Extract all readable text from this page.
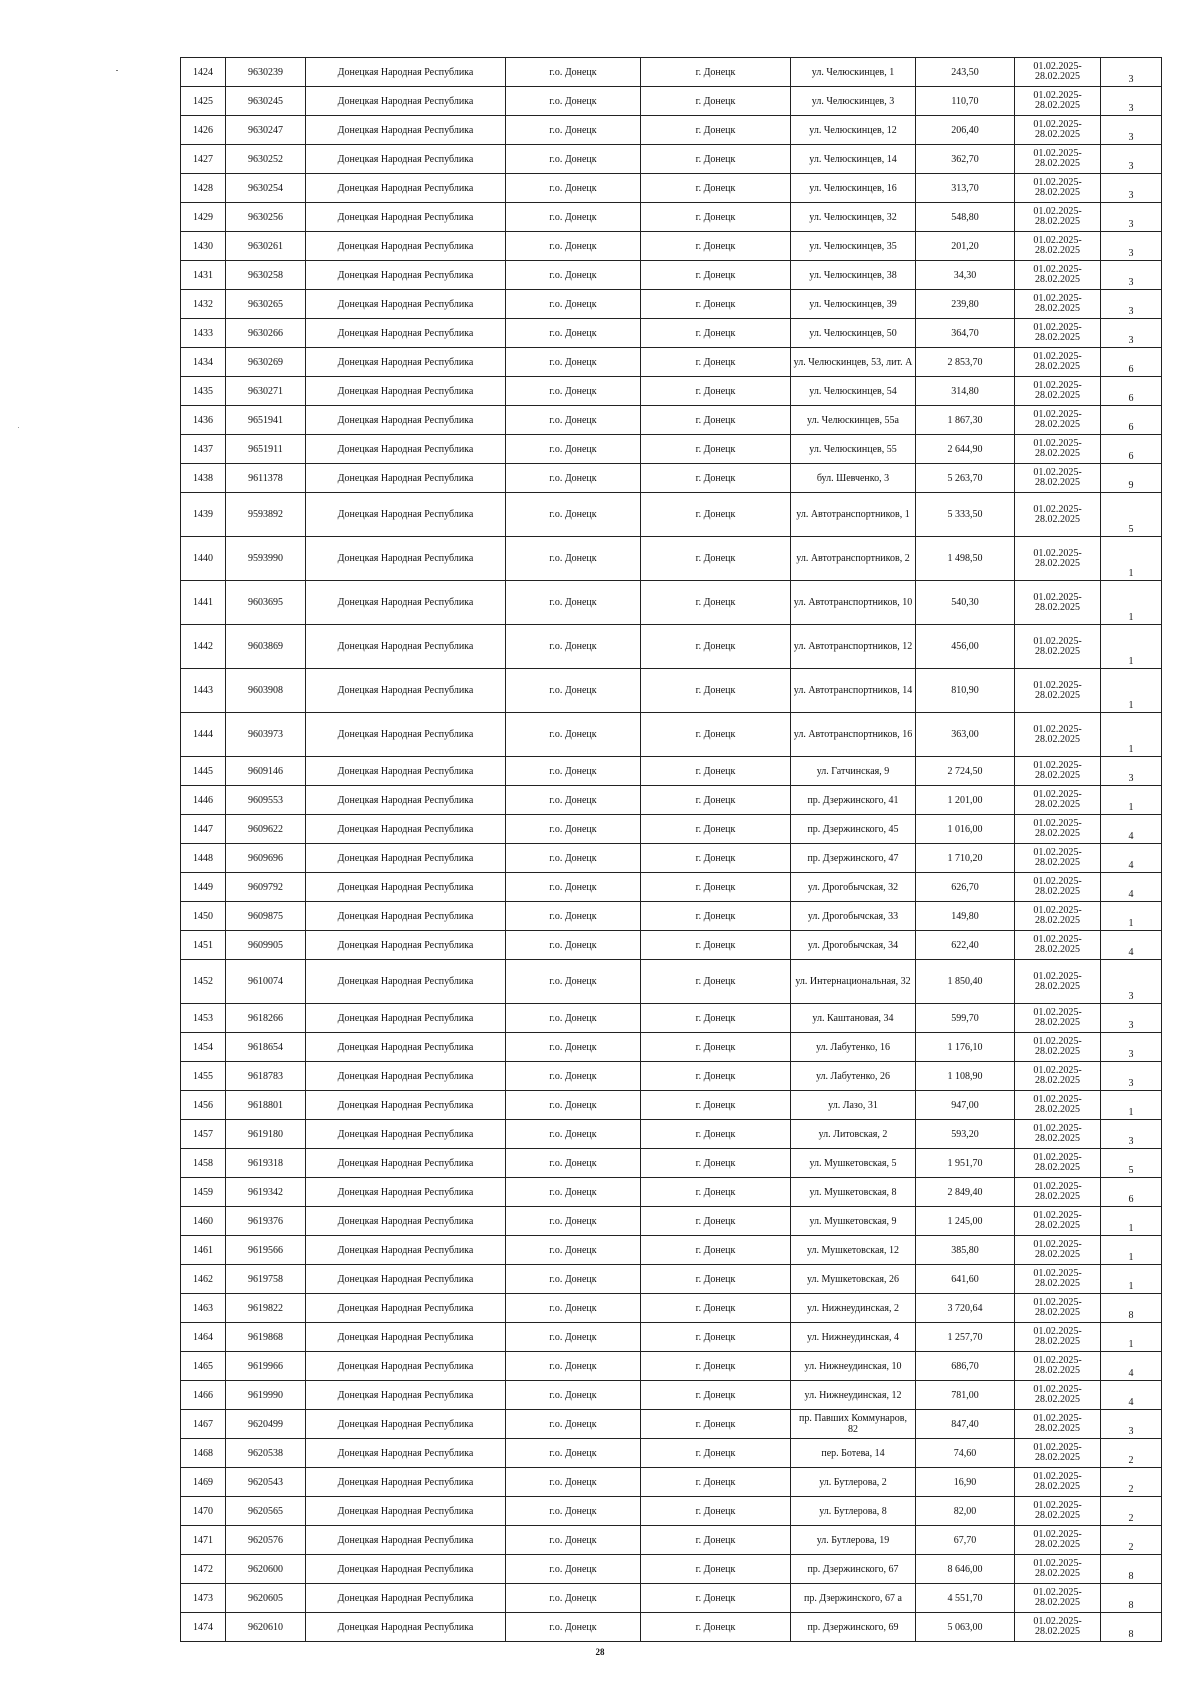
1424	9630239	Донецкая Народная Республика	г.о. Донецк	г. Донецк	ул. Челюскинцев, 1	243,50	01.02.2025-
28.02.2025	3
1425	9630245	Донецкая Народная Республика	г.о. Донецк	г. Донецк	ул. Челюскинцев, 3	110,70	01.02.2025-
28.02.2025	3
1426	9630247	Донецкая Народная Республика	г.о. Донецк	г. Донецк	ул. Челюскинцев, 12	206,40	01.02.2025-
28.02.2025	3
1427	9630252	Донецкая Народная Республика	г.о. Донецк	г. Донецк	ул. Челюскинцев, 14	362,70	01.02.2025-
28.02.2025	3
1428	9630254	Донецкая Народная Республика	г.о. Донецк	г. Донецк	ул. Челюскинцев, 16	313,70	01.02.2025-
28.02.2025	3
1429	9630256	Донецкая Народная Республика	г.о. Донецк	г. Донецк	ул. Челюскинцев, 32	548,80	01.02.2025-
28.02.2025	3
1430	9630261	Донецкая Народная Республика	г.о. Донецк	г. Донецк	ул. Челюскинцев, 35	201,20	01.02.2025-
28.02.2025	3
1431	9630258	Донецкая Народная Республика	г.о. Донецк	г. Донецк	ул. Челюскинцев, 38	34,30	01.02.2025-
28.02.2025	3
1432	9630265	Донецкая Народная Республика	г.о. Донецк	г. Донецк	ул. Челюскинцев, 39	239,80	01.02.2025-
28.02.2025	3
1433	9630266	Донецкая Народная Республика	г.о. Донецк	г. Донецк	ул. Челюскинцев, 50	364,70	01.02.2025-
28.02.2025	3
1434	9630269	Донецкая Народная Республика	г.о. Донецк	г. Донецк	ул. Челюскинцев, 53, лит. А	2 853,70	01.02.2025-
28.02.2025	6
1435	9630271	Донецкая Народная Республика	г.о. Донецк	г. Донецк	ул. Челюскинцев, 54	314,80	01.02.2025-
28.02.2025	6
1436	9651941	Донецкая Народная Республика	г.о. Донецк	г. Донецк	ул. Челюскинцев, 55а	1 867,30	01.02.2025-
28.02.2025	6
1437	9651911	Донецкая Народная Республика	г.о. Донецк	г. Донецк	ул. Челюскинцев, 55	2 644,90	01.02.2025-
28.02.2025	6
1438	9611378	Донецкая Народная Республика	г.о. Донецк	г. Донецк	бул. Шевченко, 3	5 263,70	01.02.2025-
28.02.2025	9
1439	9593892	Донецкая Народная Республика	г.о. Донецк	г. Донецк	ул. Автотранспортников, 1	5 333,50	01.02.2025-
28.02.2025	5
1440	9593990	Донецкая Народная Республика	г.о. Донецк	г. Донецк	ул. Автотранспортников, 2	1 498,50	01.02.2025-
28.02.2025	1
1441	9603695	Донецкая Народная Республика	г.о. Донецк	г. Донецк	ул. Автотранспортников, 10	540,30	01.02.2025-
28.02.2025	1
1442	9603869	Донецкая Народная Республика	г.о. Донецк	г. Донецк	ул. Автотранспортников, 12	456,00	01.02.2025-
28.02.2025	1
1443	9603908	Донецкая Народная Республика	г.о. Донецк	г. Донецк	ул. Автотранспортников, 14	810,90	01.02.2025-
28.02.2025	1
1444	9603973	Донецкая Народная Республика	г.о. Донецк	г. Донецк	ул. Автотранспортников, 16	363,00	01.02.2025-
28.02.2025	1
1445	9609146	Донецкая Народная Республика	г.о. Донецк	г. Донецк	ул. Гатчинская, 9	2 724,50	01.02.2025-
28.02.2025	3
1446	9609553	Донецкая Народная Республика	г.о. Донецк	г. Донецк	пр. Дзержинского, 41	1 201,00	01.02.2025-
28.02.2025	1
1447	9609622	Донецкая Народная Республика	г.о. Донецк	г. Донецк	пр. Дзержинского, 45	1 016,00	01.02.2025-
28.02.2025	4
1448	9609696	Донецкая Народная Республика	г.о. Донецк	г. Донецк	пр. Дзержинского, 47	1 710,20	01.02.2025-
28.02.2025	4
1449	9609792	Донецкая Народная Республика	г.о. Донецк	г. Донецк	ул. Дрогобычская, 32	626,70	01.02.2025-
28.02.2025	4
1450	9609875	Донецкая Народная Республика	г.о. Донецк	г. Донецк	ул. Дрогобычская, 33	149,80	01.02.2025-
28.02.2025	1
1451	9609905	Донецкая Народная Республика	г.о. Донецк	г. Донецк	ул. Дрогобычская, 34	622,40	01.02.2025-
28.02.2025	4
1452	9610074	Донецкая Народная Республика	г.о. Донецк	г. Донецк	ул. Интернациональная, 32	1 850,40	01.02.2025-
28.02.2025	3
1453	9618266	Донецкая Народная Республика	г.о. Донецк	г. Донецк	ул. Каштановая, 34	599,70	01.02.2025-
28.02.2025	3
1454	9618654	Донецкая Народная Республика	г.о. Донецк	г. Донецк	ул. Лабутенко, 16	1 176,10	01.02.2025-
28.02.2025	3
1455	9618783	Донецкая Народная Республика	г.о. Донецк	г. Донецк	ул. Лабутенко, 26	1 108,90	01.02.2025-
28.02.2025	3
1456	9618801	Донецкая Народная Республика	г.о. Донецк	г. Донецк	ул. Лазо, 31	947,00	01.02.2025-
28.02.2025	1
1457	9619180	Донецкая Народная Республика	г.о. Донецк	г. Донецк	ул. Литовская, 2	593,20	01.02.2025-
28.02.2025	3
1458	9619318	Донецкая Народная Республика	г.о. Донецк	г. Донецк	ул. Мушкетовская, 5	1 951,70	01.02.2025-
28.02.2025	5
1459	9619342	Донецкая Народная Республика	г.о. Донецк	г. Донецк	ул. Мушкетовская, 8	2 849,40	01.02.2025-
28.02.2025	6
1460	9619376	Донецкая Народная Республика	г.о. Донецк	г. Донецк	ул. Мушкетовская, 9	1 245,00	01.02.2025-
28.02.2025	1
1461	9619566	Донецкая Народная Республика	г.о. Донецк	г. Донецк	ул. Мушкетовская, 12	385,80	01.02.2025-
28.02.2025	1
1462	9619758	Донецкая Народная Республика	г.о. Донецк	г. Донецк	ул. Мушкетовская, 26	641,60	01.02.2025-
28.02.2025	1
1463	9619822	Донецкая Народная Республика	г.о. Донецк	г. Донецк	ул. Нижнеудинская, 2	3 720,64	01.02.2025-
28.02.2025	8
1464	9619868	Донецкая Народная Республика	г.о. Донецк	г. Донецк	ул. Нижнеудинская, 4	1 257,70	01.02.2025-
28.02.2025	1
1465	9619966	Донецкая Народная Республика	г.о. Донецк	г. Донецк	ул. Нижнеудинская, 10	686,70	01.02.2025-
28.02.2025	4
1466	9619990	Донецкая Народная Республика	г.о. Донецк	г. Донецк	ул. Нижнеудинская, 12	781,00	01.02.2025-
28.02.2025	4
1467	9620499	Донецкая Народная Республика	г.о. Донецк	г. Донецк	пр. Павших Коммунаров, 82	847,40	01.02.2025-
28.02.2025	3
1468	9620538	Донецкая Народная Республика	г.о. Донецк	г. Донецк	пер. Ботева, 14	74,60	01.02.2025-
28.02.2025	2
1469	9620543	Донецкая Народная Республика	г.о. Донецк	г. Донецк	ул. Бутлерова, 2	16,90	01.02.2025-
28.02.2025	2
1470	9620565	Донецкая Народная Республика	г.о. Донецк	г. Донецк	ул. Бутлерова, 8	82,00	01.02.2025-
28.02.2025	2
1471	9620576	Донецкая Народная Республика	г.о. Донецк	г. Донецк	ул. Бутлерова, 19	67,70	01.02.2025-
28.02.2025	2
1472	9620600	Донецкая Народная Республика	г.о. Донецк	г. Донецк	пр. Дзержинского, 67	8 646,00	01.02.2025-
28.02.2025	8
1473	9620605	Донецкая Народная Республика	г.о. Донецк	г. Донецк	пр. Дзержинского, 67 а	4 551,70	01.02.2025-
28.02.2025	8
1474	9620610	Донецкая Народная Республика	г.о. Донецк	г. Донецк	пр. Дзержинского, 69	5 063,00	01.02.2025-
28.02.2025	8
28
